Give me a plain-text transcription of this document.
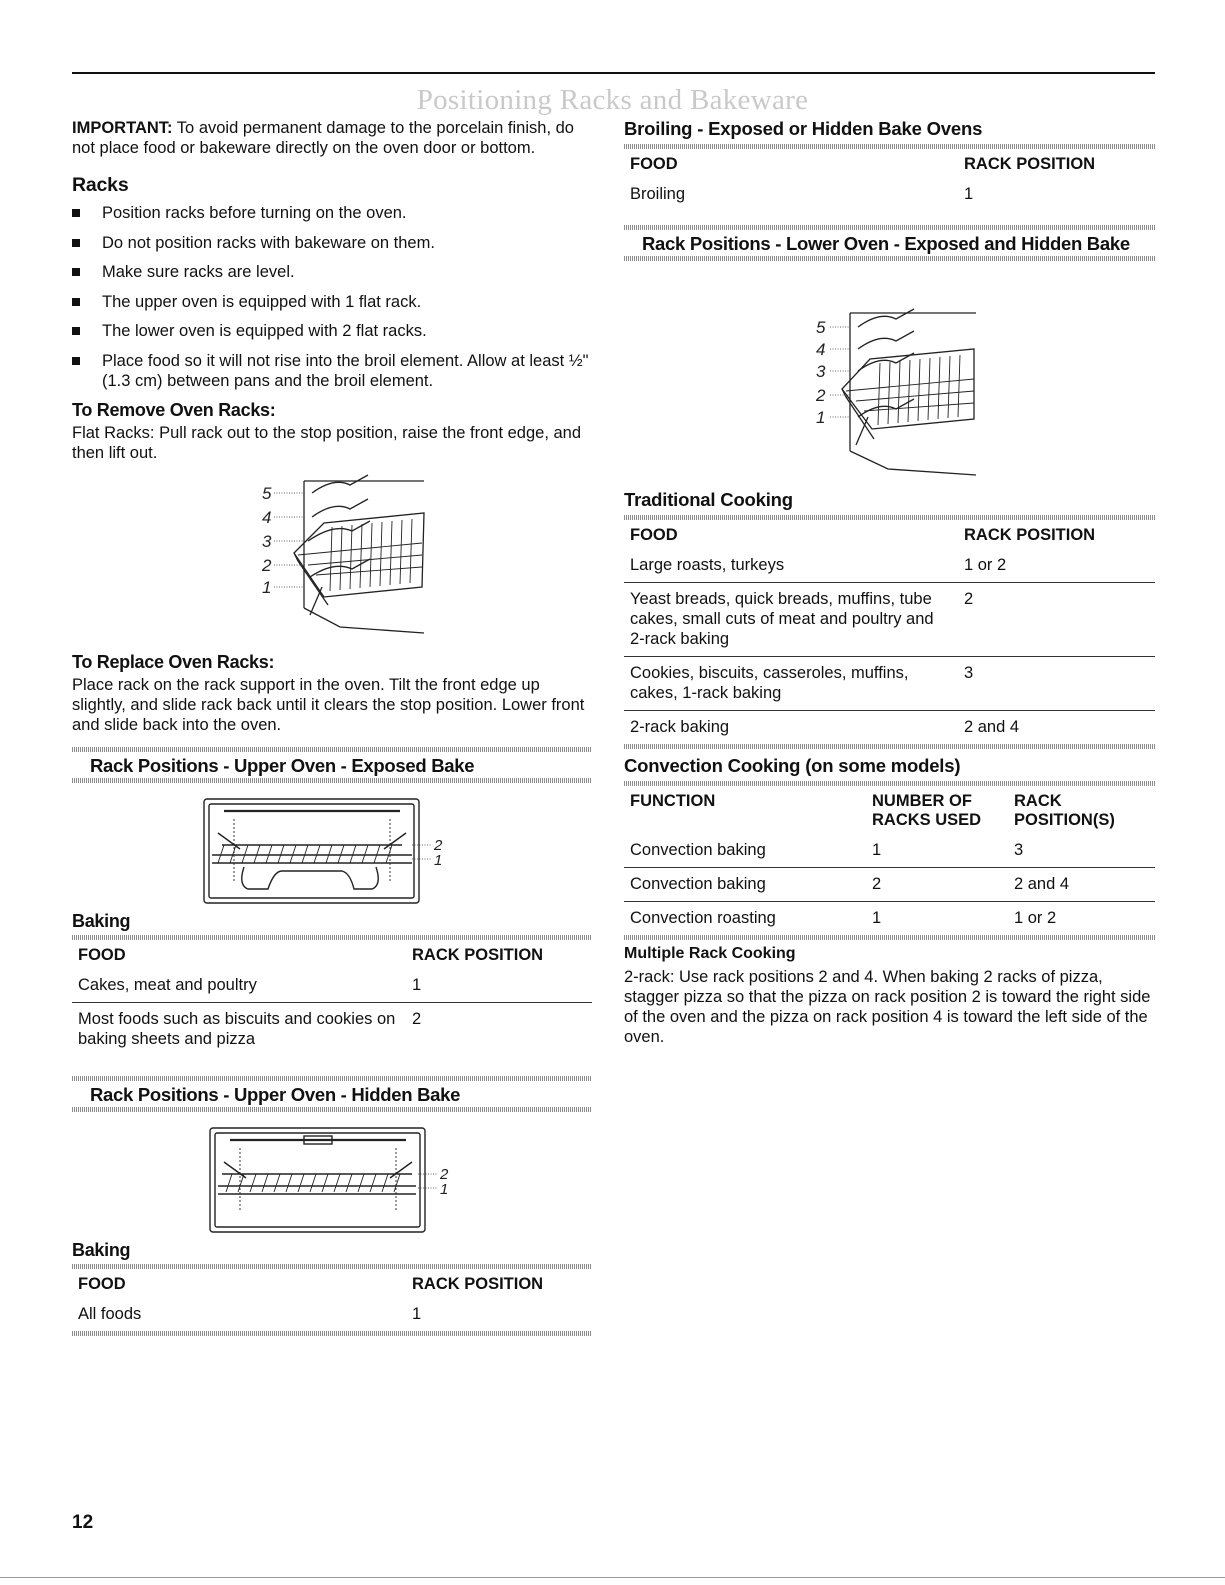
Positioning Racks and Bakeware

IMPORTANT: To avoid permanent damage to the porcelain finish, do not place food or bakeware directly on the oven door or bottom.

Racks
Position racks before turning on the oven.
Do not position racks with bakeware on them.
Make sure racks are level.
The upper oven is equipped with 1 flat rack.
The lower oven is equipped with 2 flat racks.
Place food so it will not rise into the broil element. Allow at least ½" (1.3 cm) between pans and the broil element.
To Remove Oven Racks:

Flat Racks: Pull rack out to the stop position, raise the front edge, and then lift out.

5
4
3
2
1
To Replace Oven Racks:

Place rack on the rack support in the oven. Tilt the front edge up slightly, and slide rack back until it clears the stop position. Lower front and slide back into the oven.

Rack Positions - Upper Oven - Exposed Bake
2
1
Baking
FOOD	RACK POSITION
Cakes, meat and poultry	1
Most foods such as biscuits and cookies on baking sheets and pizza	2
Rack Positions - Upper Oven - Hidden Bake
2
1
Baking
FOOD	RACK POSITION
All foods	1
Broiling - Exposed or Hidden Bake Ovens
FOOD	RACK POSITION
Broiling	1
Rack Positions - Lower Oven - Exposed and Hidden Bake
5
4
3
2
1
Traditional Cooking
FOOD	RACK POSITION
Large roasts, turkeys	1 or 2
Yeast breads, quick breads, muffins, tube cakes, small cuts of meat and poultry and 2-rack baking	2
Cookies, biscuits, casseroles, muffins, cakes, 1-rack baking	3
2-rack baking	2 and 4
Convection Cooking (on some models)
FUNCTION	NUMBER OF RACKS USED	RACK POSITION(S)
Convection baking	1	3
Convection baking	2	2 and 4
Convection roasting	1	1 or 2
Multiple Rack Cooking

2-rack: Use rack positions 2 and 4. When baking 2 racks of pizza, stagger pizza so that the pizza on rack position 2 is toward the right side of the oven and the pizza on rack position 4 is toward the left side of the oven.

12
